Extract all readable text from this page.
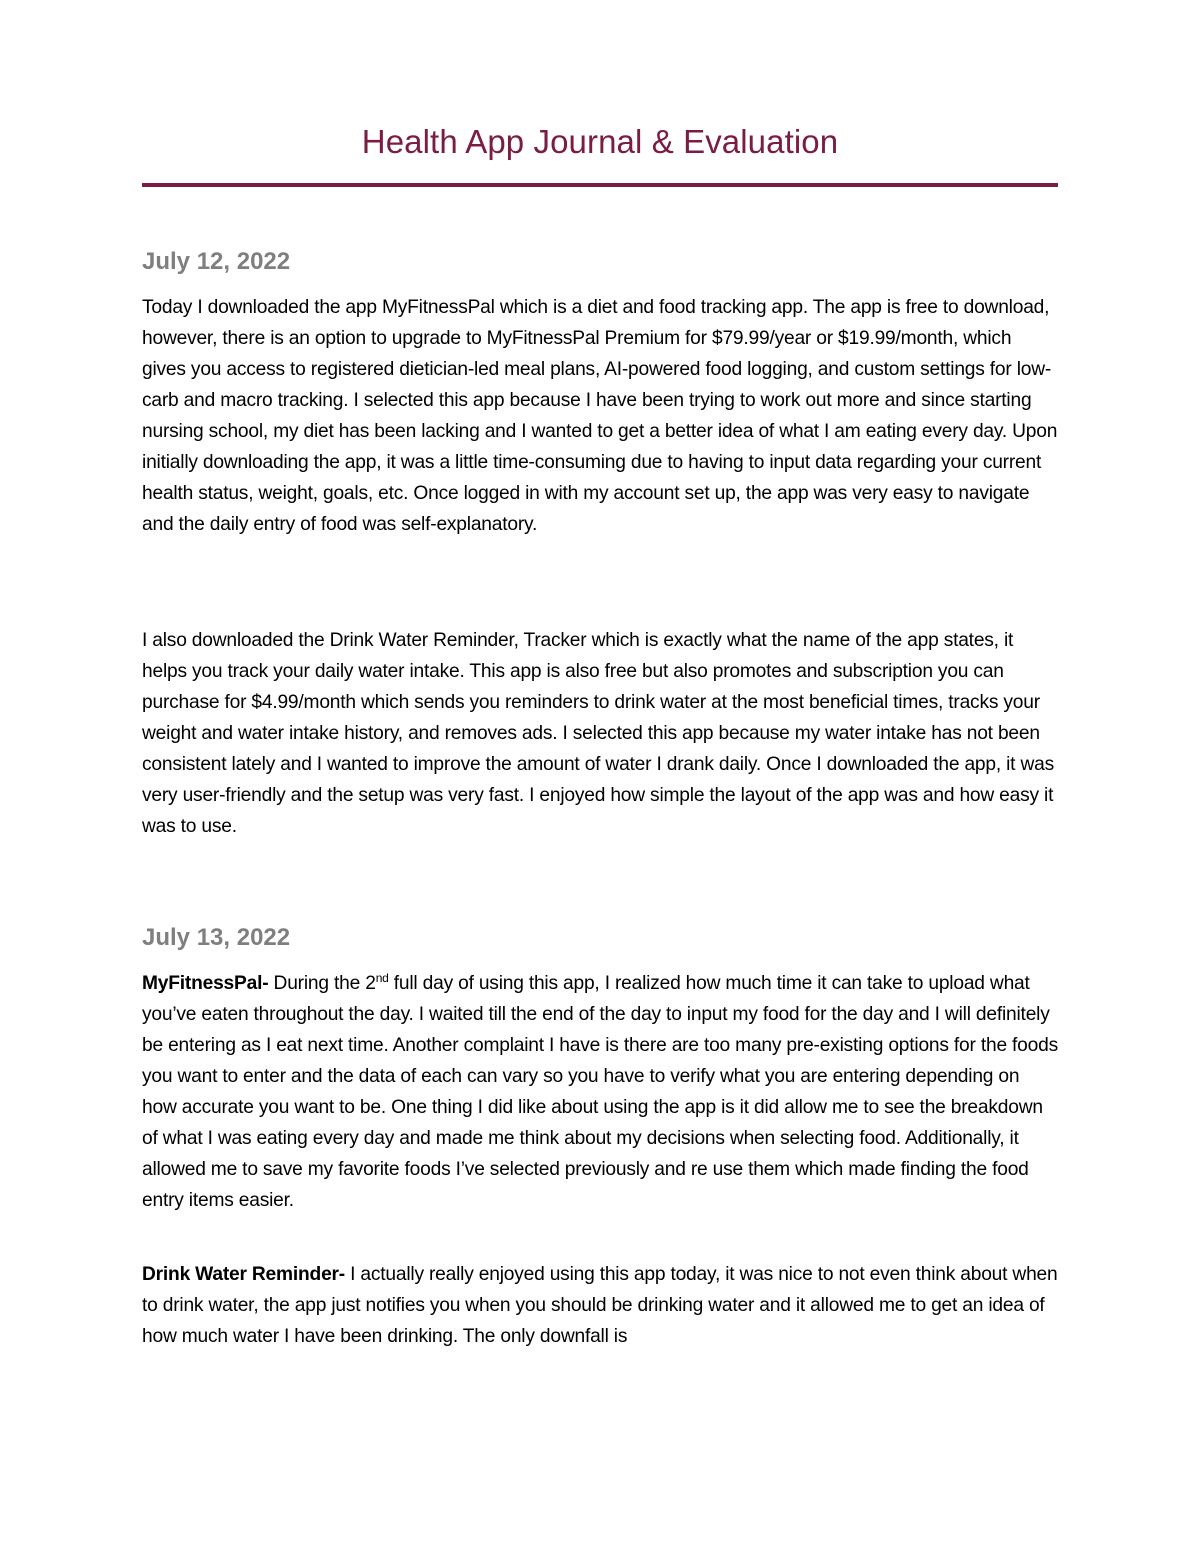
Health App Journal & Evaluation
July 12, 2022

Today I downloaded the app MyFitnessPal which is a diet and food tracking app. The app is free to download, however, there is an option to upgrade to MyFitnessPal Premium for $79.99/year or $19.99/month, which gives you access to registered dietician-led meal plans, AI-powered food logging, and custom settings for low-carb and macro tracking. I selected this app because I have been trying to work out more and since starting nursing school, my diet has been lacking and I wanted to get a better idea of what I am eating every day. Upon initially downloading the app, it was a little time-consuming due to having to input data regarding your current health status, weight, goals, etc. Once logged in with my account set up, the app was very easy to navigate and the daily entry of food was self-explanatory.

I also downloaded the Drink Water Reminder, Tracker which is exactly what the name of the app states, it helps you track your daily water intake. This app is also free but also promotes and subscription you can purchase for $4.99/month which sends you reminders to drink water at the most beneficial times, tracks your weight and water intake history, and removes ads. I selected this app because my water intake has not been consistent lately and I wanted to improve the amount of water I drank daily. Once I downloaded the app, it was very user-friendly and the setup was very fast. I enjoyed how simple the layout of the app was and how easy it was to use.

July 13, 2022

MyFitnessPal- During the 2nd full day of using this app, I realized how much time it can take to upload what you’ve eaten throughout the day. I waited till the end of the day to input my food for the day and I will definitely be entering as I eat next time. Another complaint I have is there are too many pre-existing options for the foods you want to enter and the data of each can vary so you have to verify what you are entering depending on how accurate you want to be. One thing I did like about using the app is it did allow me to see the breakdown of what I was eating every day and made me think about my decisions when selecting food. Additionally, it allowed me to save my favorite foods I’ve selected previously and re use them which made finding the food entry items easier.

Drink Water Reminder- I actually really enjoyed using this app today, it was nice to not even think about when to drink water, the app just notifies you when you should be drinking water and it allowed me to get an idea of how much water I have been drinking. The only downfall is
